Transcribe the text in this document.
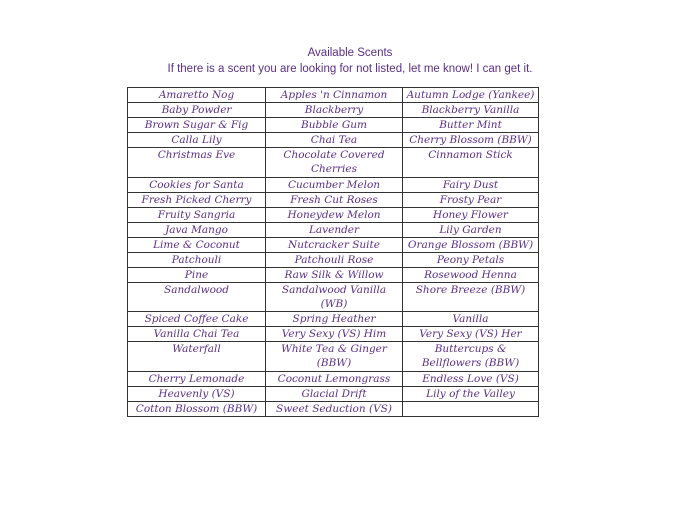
Available Scents
If there is a scent you are looking for not listed, let me know! I can get it.
Amaretto Nog	Apples 'n Cinnamon	Autumn Lodge (Yankee)
Baby Powder	Blackberry	Blackberry Vanilla
Brown Sugar & Fig	Bubble Gum	Butter Mint
Calla Lily	Chai Tea	Cherry Blossom (BBW)
Christmas Eve	Chocolate Covered Cherries	Cinnamon Stick
Cookies for Santa	Cucumber Melon	Fairy Dust
Fresh Picked Cherry	Fresh Cut Roses	Frosty Pear
Fruity Sangria	Honeydew Melon	Honey Flower
Java Mango	Lavender	Lily Garden
Lime & Coconut	Nutcracker Suite	Orange Blossom (BBW)
Patchouli	Patchouli Rose	Peony Petals
Pine	Raw Silk & Willow	Rosewood Henna
Sandalwood	Sandalwood Vanilla (WB)	Shore Breeze (BBW)
Spiced Coffee Cake	Spring Heather	Vanilla
Vanilla Chai Tea	Very Sexy (VS) Him	Very Sexy (VS) Her
Waterfall	White Tea & Ginger (BBW)	Buttercups & Bellflowers (BBW)
Cherry Lemonade	Coconut Lemongrass	Endless Love (VS)
Heavenly (VS)	Glacial Drift	Lily of the Valley
Cotton Blossom (BBW)	Sweet Seduction (VS)	
